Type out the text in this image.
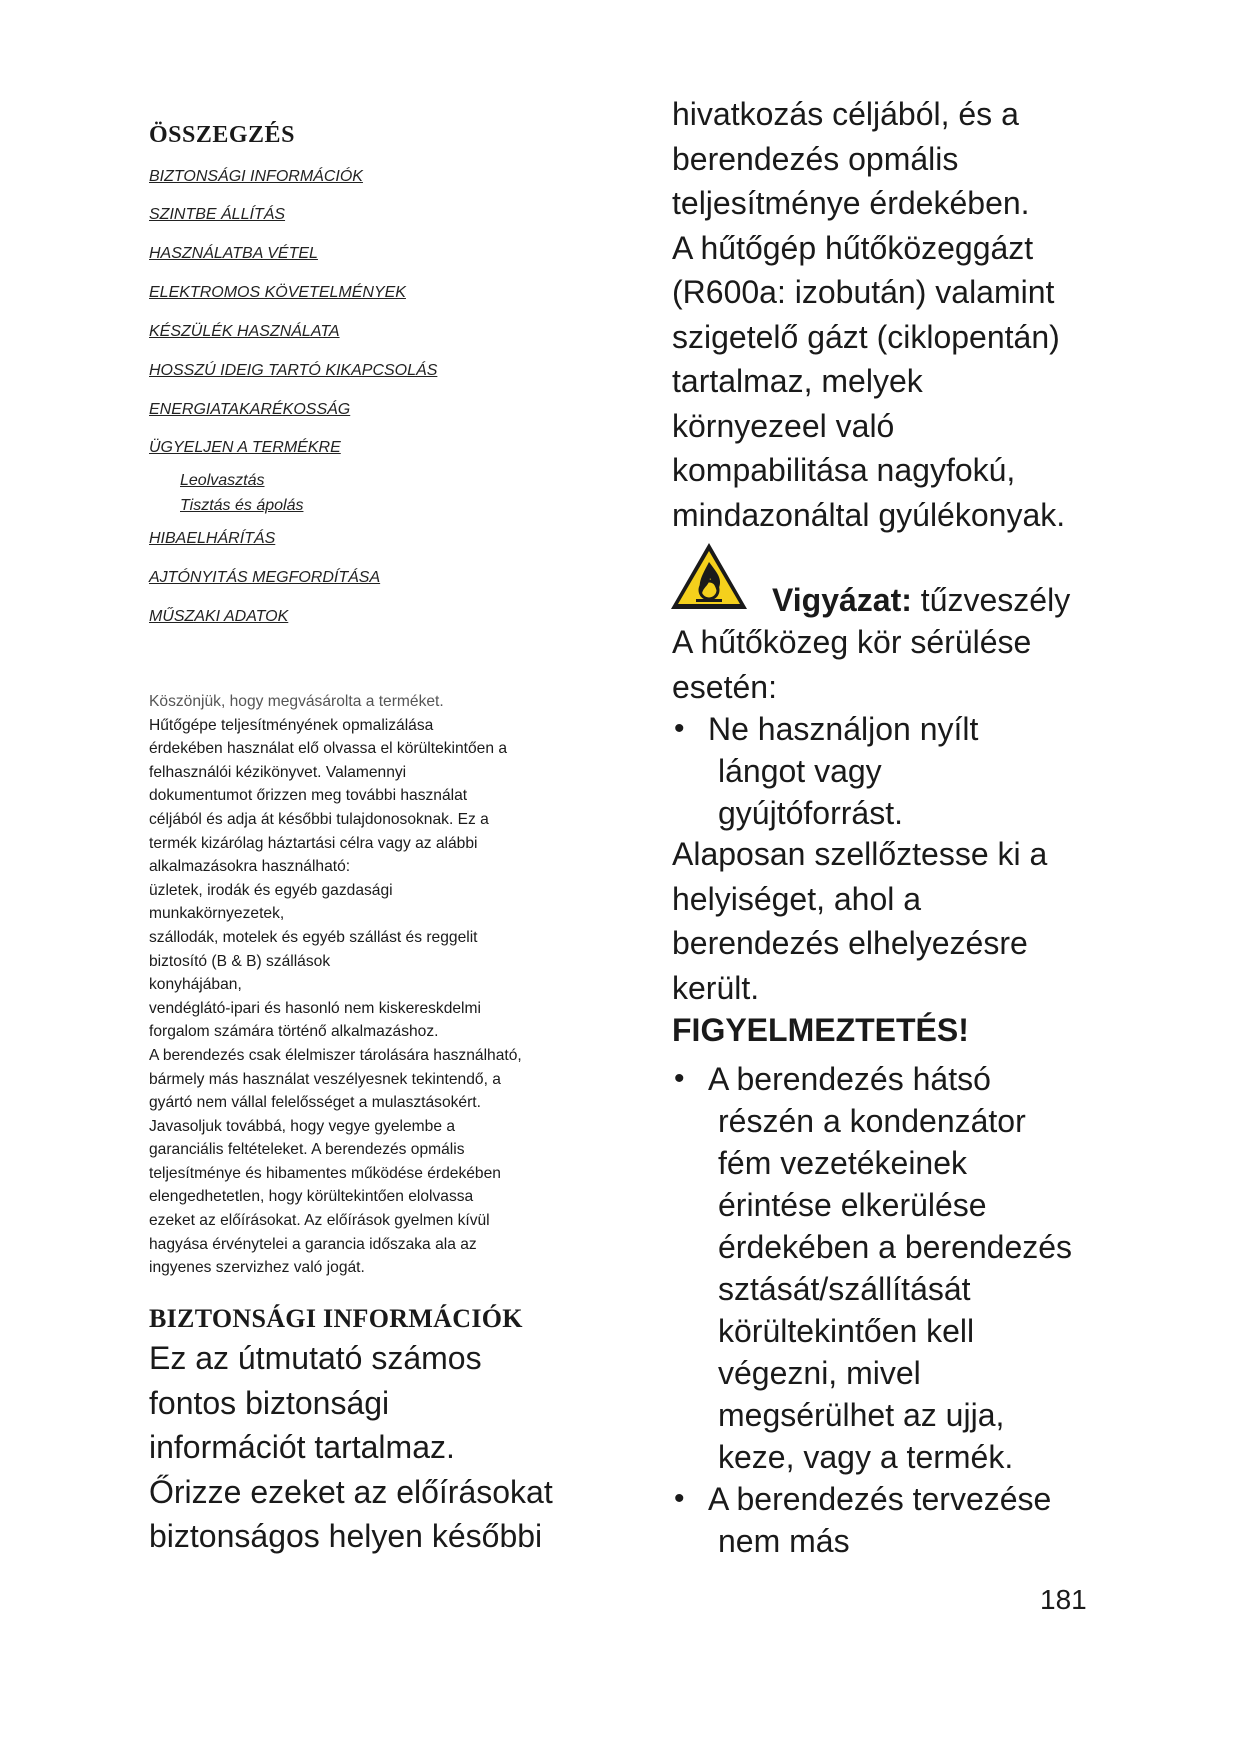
ÖSSZEGZÉS
BIZTONSÁGI INFORMÁCIÓK
SZINTBE ÁLLÍTÁS
HASZNÁLATBA VÉTEL
ELEKTROMOS KÖVETELMÉNYEK
KÉSZÜLÉK HASZNÁLATA
HOSSZÚ IDEIG TARTÓ KIKAPCSOLÁS
ENERGIATAKARÉKOSSÁG
ÜGYELJEN A TERMÉKRE
Leolvasztás
Tisztás és ápolás
HIBAELHÁRÍTÁS
AJTÓNYITÁS MEGFORDÍTÁSA
MŰSZAKI ADATOK

Köszönjük, hogy megvásárolta a terméket.

Hűtőgépe teljesítményének opmalizálása

érdekében használat elő olvassa el körültekintően a

felhasználói kézikönyvet. Valamennyi

dokumentumot őrizzen meg további használat

céljából és adja át későbbi tulajdonosoknak. Ez a

termék kizárólag háztartási célra vagy az alábbi

alkalmazásokra használható:

üzletek, irodák és egyéb gazdasági

munkakörnyezetek,

szállodák, motelek és egyéb szállást és reggelit

biztosító (B & B) szállások

konyhájában,

vendéglátó-ipari és hasonló nem kiskereskdelmi

forgalom számára történő alkalmazáshoz.

A berendezés csak élelmiszer tárolására használható,

bármely más használat veszélyesnek tekintendő, a

gyártó nem vállal felelősséget a mulasztásokért.

Javasoljuk továbbá, hogy vegye gyelembe a

garanciális feltételeket. A berendezés opmális

teljesítménye és hibamentes működése érdekében

elengedhetetlen, hogy körültekintően elolvassa

ezeket az előírásokat. Az előírások gyelmen kívül

hagyása érvénytelei a garancia időszaka ala az

ingyenes szervizhez való jogát.

BIZTONSÁGI INFORMÁCIÓK
Ez az útmutató számos
fontos biztonsági
információt tartalmaz.
Őrizze ezeket az előírásokat
biztonságos helyen későbbi
hivatkozás céljából, és a
berendezés opmális
teljesítménye érdekében.
A hűtőgép hűtőközeggázt
(R600a: izobután) valamint
szigetelő gázt (ciklopentán)
tartalmaz, melyek
környezeel való
kompabilitása nagyfokú,
mindazonáltal gyúlékonyak.
Vigyázat: tűzveszély
A hűtőközeg kör sérülése
esetén:
• Ne használjon nyílt
lángot vagy
gyújtóforrást.
Alaposan szellőztesse ki a
helyiséget, ahol a
berendezés elhelyezésre
került.
FIGYELMEZTETÉS!
• A berendezés hátsó
részén a kondenzátor
fém vezetékeinek
érintése elkerülése
érdekében a berendezés
sztását/szállítását
körültekintően kell
végezni, mivel
megsérülhet az ujja,
keze, vagy a termék.
• A berendezés tervezése
nem más
181
